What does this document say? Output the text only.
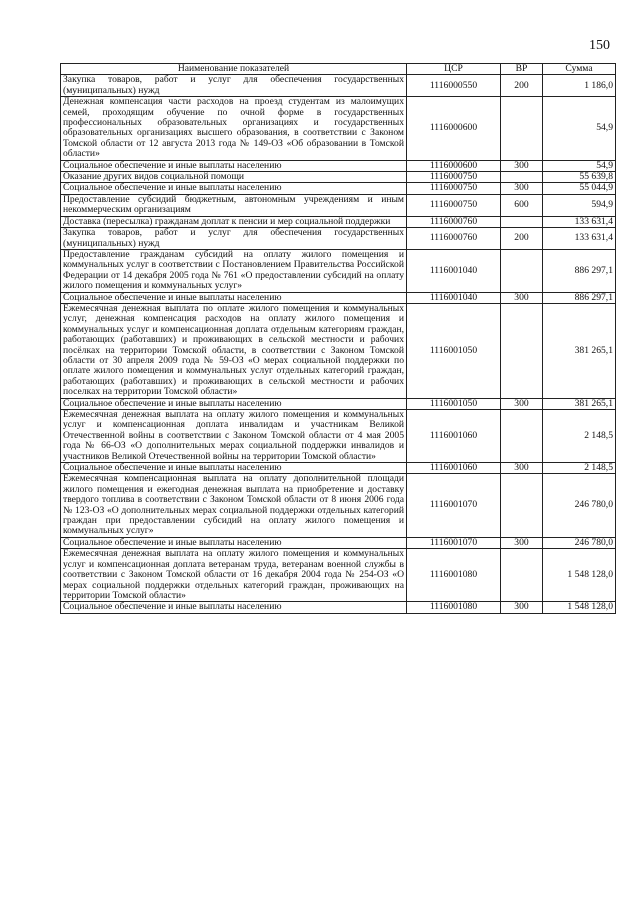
150
Наименование показателей	ЦСР	ВР	Сумма
Закупка товаров, работ и услуг для обеспечения государственных (муниципальных) нужд	1116000550	200	1 186,0
Денежная компенсация части расходов на проезд студентам из малоимущих семей, проходящим обучение по очной форме в государственных профессиональных образовательных организациях и государственных образовательных организациях высшего образования, в соответствии с Законом Томской области от 12 августа 2013 года № 149-ОЗ «Об образовании в Томской области»	1116000600		54,9
Социальное обеспечение и иные выплаты населению	1116000600	300	54,9
Оказание других видов социальной помощи	1116000750		55 639,8
Социальное обеспечение и иные выплаты населению	1116000750	300	55 044,9
Предоставление субсидий бюджетным, автономным учреждениям и иным некоммерческим организациям	1116000750	600	594,9
Доставка (пересылка) гражданам доплат к пенсии и мер социальной поддержки	1116000760		133 631,4
Закупка товаров, работ и услуг для обеспечения государственных (муниципальных) нужд	1116000760	200	133 631,4
Предоставление гражданам субсидий на оплату жилого помещения и коммунальных услуг в соответствии с Постановлением Правительства Российской Федерации от 14 декабря 2005 года № 761 «О предоставлении субсидий на оплату жилого помещения и коммунальных услуг»	1116001040		886 297,1
Социальное обеспечение и иные выплаты населению	1116001040	300	886 297,1
Ежемесячная денежная выплата по оплате жилого помещения и коммунальных услуг, денежная компенсация расходов на оплату жилого помещения и коммунальных услуг и компенсационная доплата отдельным категориям граждан, работающих (работавших) и проживающих в сельской местности и рабочих посёлках на территории Томской области, в соответствии с Законом Томской области от 30 апреля 2009 года № 59-ОЗ «О мерах социальной поддержки по оплате жилого помещения и коммунальных услуг отдельных категорий граждан, работающих (работавших) и проживающих в сельской местности и рабочих поселках на территории Томской области»	1116001050		381 265,1
Социальное обеспечение и иные выплаты населению	1116001050	300	381 265,1
Ежемесячная денежная выплата на оплату жилого помещения и коммунальных услуг и компенсационная доплата инвалидам и участникам Великой Отечественной войны в соответствии с Законом Томской области от 4 мая 2005 года № 66-ОЗ «О дополнительных мерах социальной поддержки инвалидов и участников Великой Отечественной войны на территории Томской области»	1116001060		2 148,5
Социальное обеспечение и иные выплаты населению	1116001060	300	2 148,5
Ежемесячная компенсационная выплата на оплату дополнительной площади жилого помещения и ежегодная денежная выплата на приобретение и доставку твердого топлива в соответствии с Законом Томской области от 8 июня 2006 года № 123-ОЗ «О дополнительных мерах социальной поддержки отдельных категорий граждан при предоставлении субсидий на оплату жилого помещения и коммунальных услуг»	1116001070		246 780,0
Социальное обеспечение и иные выплаты населению	1116001070	300	246 780,0
Ежемесячная денежная выплата на оплату жилого помещения и коммунальных услуг и компенсационная доплата ветеранам труда, ветеранам военной службы в соответствии с Законом Томской области от 16 декабря 2004 года № 254-ОЗ «О мерах социальной поддержки отдельных категорий граждан, проживающих на территории Томской области»	1116001080		1 548 128,0
Социальное обеспечение и иные выплаты населению	1116001080	300	1 548 128,0
